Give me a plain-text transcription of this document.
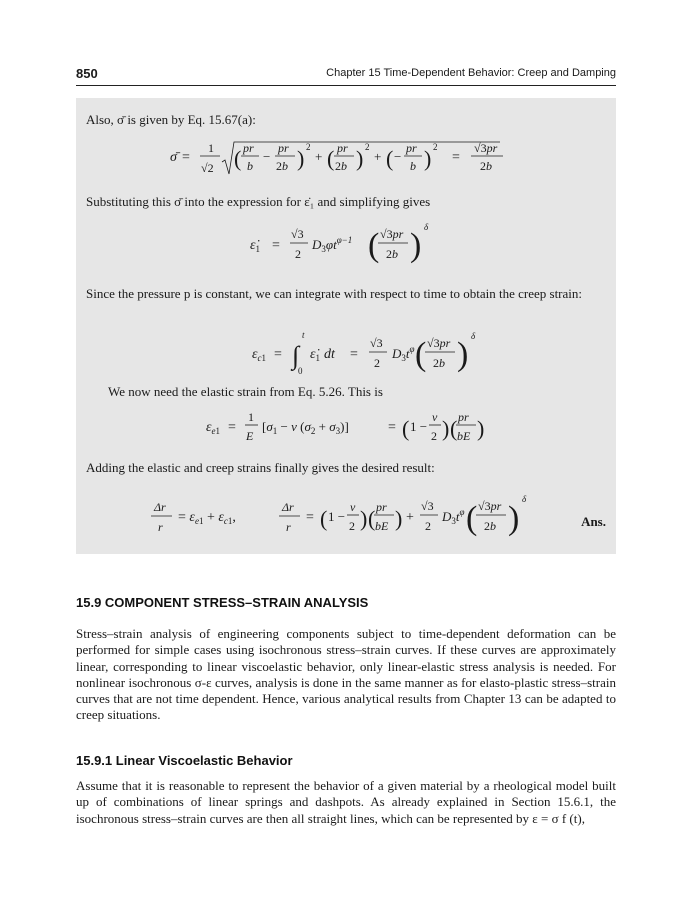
850	Chapter 15 Time-Dependent Behavior: Creep and Damping
Also, σ̄ is given by Eq. 15.67(a):
σ̄ =
1
√2 ( pr
b
−
pr
2b ) 2
+ ( pr
2b ) 2
+ ( −
pr
b ) 2
=
√3pr
2b
Substituting this σ̄ into the expression for ε̇₁ and simplifying gives
$\varepsiloṅ_1$ =
√3
2
$D_3\varphi t^{\varphi-1}$ ( √3pr
2b ) δ
Since the pressure p is constant, we can integrate with respect to time to obtain the creep strain:
$\varepsilon_c1$ = ∫
t
0
$\varepsiloṅ_1$ dt =
√3
2
$D_3t^\varphi$ ( √3pr
2b ) δ
We now need the elastic strain from Eq. 5.26. This is
$\varepsilon_e1$ =
1
E
[$\sigma_1 - \nu$ $(\sigma_2 + \sigma_3)$]	= ( 1 −
ν
2 ) ( pr
bE )
Adding the elastic and creep strains finally gives the desired result:
Δr
r
= $\varepsilon_e1 + \varepsilon_c1$,
Δr
r
= ( 1 −
ν
2 ) ( pr
bE ) +
√3
2
$D_3t^\varphi$ ( √3pr
2b )
δ
Ans.
15.9 COMPONENT STRESS–STRAIN ANALYSIS
Stress–strain analysis of engineering components subject to time-dependent deformation can be performed for simple cases using isochronous stress–strain curves. If these curves are approximately linear, corresponding to linear viscoelastic behavior, only linear-elastic stress analysis is needed. For nonlinear isochronous σ-ε curves, analysis is done in the same manner as for elasto-plastic stress–strain curves that are not time dependent. Hence, various analytical results from Chapter 13 can be adapted to creep situations.
15.9.1 Linear Viscoelastic Behavior
Assume that it is reasonable to represent the behavior of a given material by a rheological model built up of combinations of linear springs and dashpots. As already explained in Section 15.6.1, the isochronous stress–strain curves are then all straight lines, which can be represented by ε = σ f (t),
